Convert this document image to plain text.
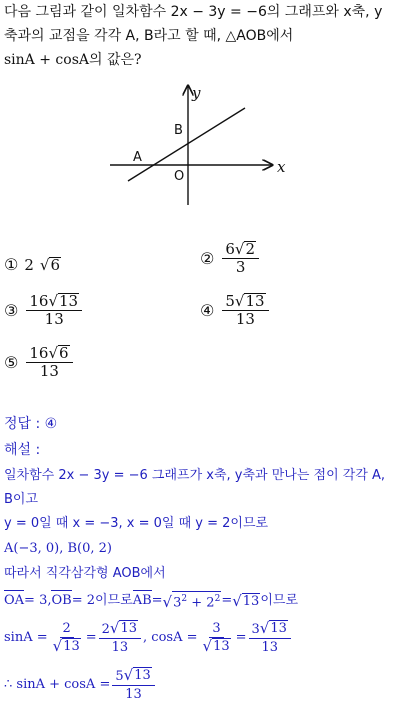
다음 그림과 같이 일차함수 2x − 3y = −6의 그래프와 x축, y
축과의 교점을 각각 A, B라고 할 때, △AOB에서
sinA + cosA의 값은?
y
x
A
B
O
① 2 √ 6	② $\frac{6 √ 2}{3}$
③ $\frac{16 √ 13}{13}$	④ $\frac{5 √ 13}{13}$
⑤ $\frac{16 √ 6}{13}$
정답 : ④
해설 :
일차함수 2x − 3y = −6 그래프가 x축, y축과 만나는 점이 각각 A,
B이고
y = 0일 때 x = −3, x = 0일 때 y = 2이므로
A(−3, 0), B(0, 2)
따라서 직각삼각형 AOB에서
OA = 3, OB = 2이므로 AB = √ $3^2 + 2^2$ = √ 13 이므로
$\sin A = \frac{2}{√ 13} = \frac{2 √ 13}{13}$ , $\cos A = \frac{3}{√ 13} = \frac{3 √ 13}{13}$
∴ $\sin A + \cos A = \frac{5 √ 13}{13}$
